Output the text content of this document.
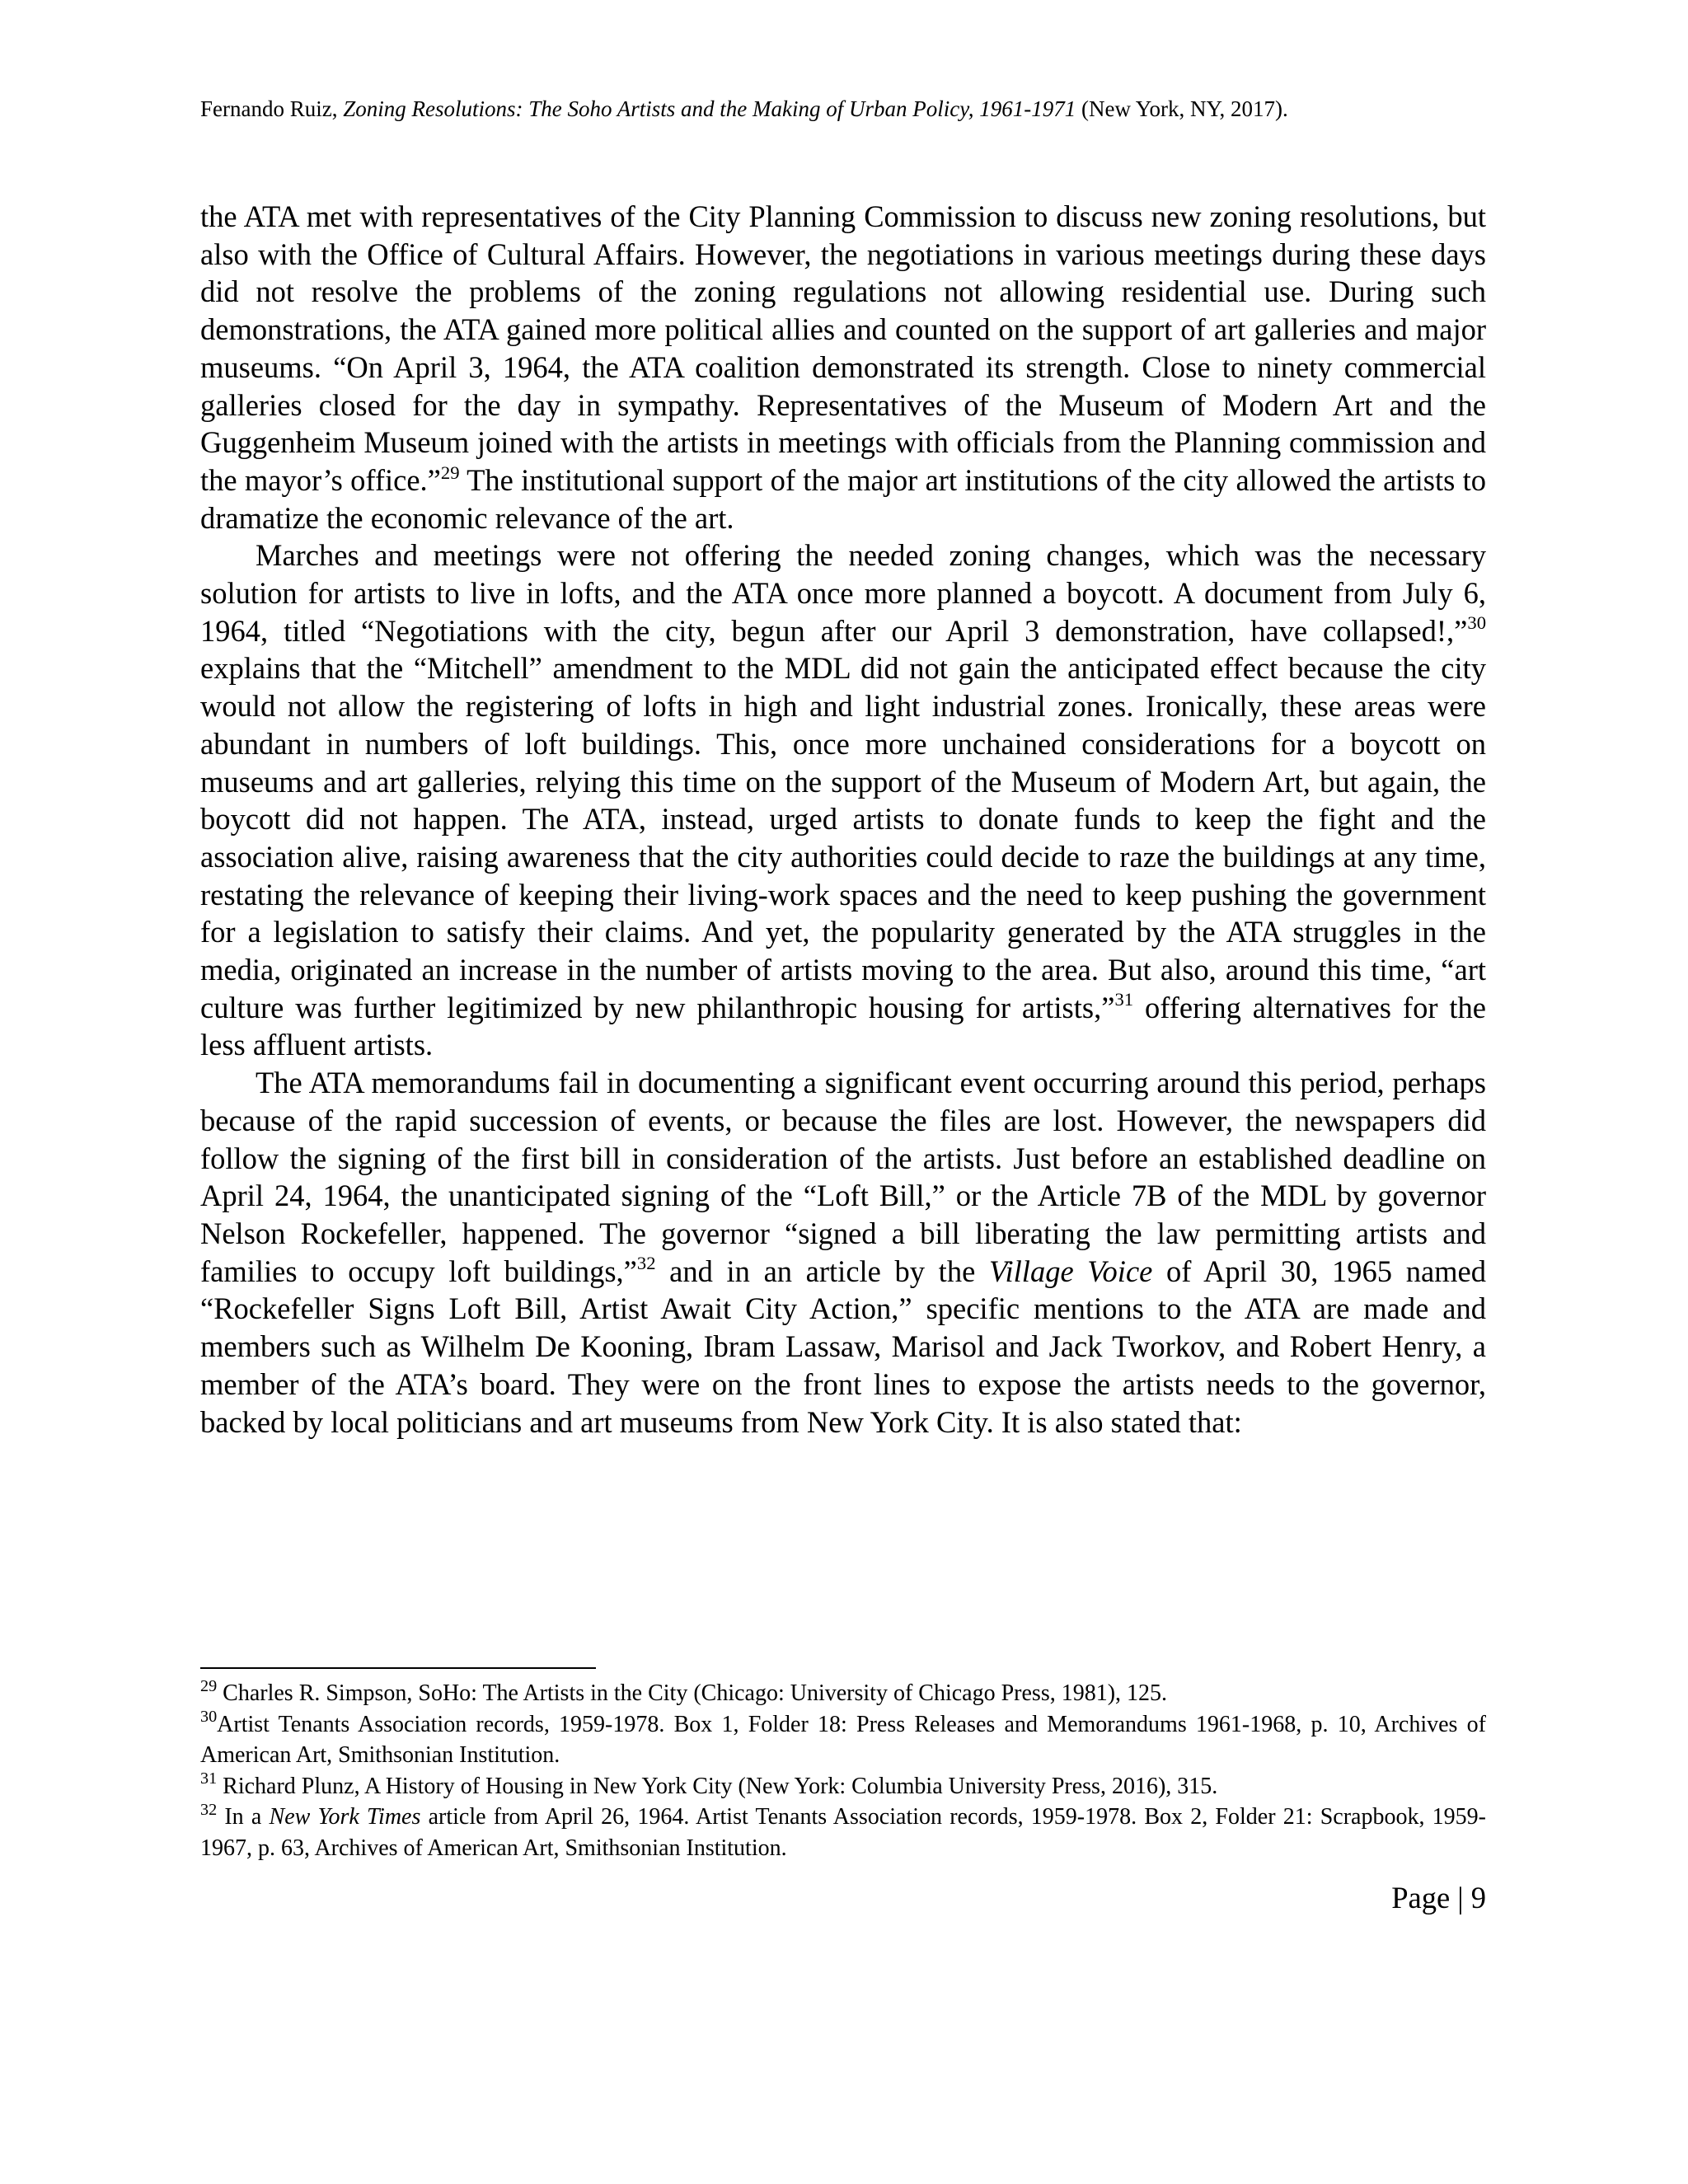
Fernando Ruiz, Zoning Resolutions: The Soho Artists and the Making of Urban Policy, 1961-1971 (New York, NY, 2017).

the ATA met with representatives of the City Planning Commission to discuss new zoning resolutions, but also with the Office of Cultural Affairs. However, the negotiations in various meetings during these days did not resolve the problems of the zoning regulations not allowing residential use. During such demonstrations, the ATA gained more political allies and counted on the support of art galleries and major museums. “On April 3, 1964, the ATA coalition demonstrated its strength. Close to ninety commercial galleries closed for the day in sympathy. Representatives of the Museum of Modern Art and the Guggenheim Museum joined with the artists in meetings with officials from the Planning commission and the mayor’s office.”$^{29}$ The institutional support of the major art institutions of the city allowed the artists to dramatize the economic relevance of the art.

Marches and meetings were not offering the needed zoning changes, which was the necessary solution for artists to live in lofts, and the ATA once more planned a boycott. A document from July 6, 1964, titled “Negotiations with the city, begun after our April 3 demonstration, have collapsed!,”$^{30}$ explains that the “Mitchell” amendment to the MDL did not gain the anticipated effect because the city would not allow the registering of lofts in high and light industrial zones. Ironically, these areas were abundant in numbers of loft buildings. This, once more unchained considerations for a boycott on museums and art galleries, relying this time on the support of the Museum of Modern Art, but again, the boycott did not happen. The ATA, instead, urged artists to donate funds to keep the fight and the association alive, raising awareness that the city authorities could decide to raze the buildings at any time, restating the relevance of keeping their living-work spaces and the need to keep pushing the government for a legislation to satisfy their claims. And yet, the popularity generated by the ATA struggles in the media, originated an increase in the number of artists moving to the area. But also, around this time, “art culture was further legitimized by new philanthropic housing for artists,”$^{31}$ offering alternatives for the less affluent artists.

The ATA memorandums fail in documenting a significant event occurring around this period, perhaps because of the rapid succession of events, or because the files are lost. However, the newspapers did follow the signing of the first bill in consideration of the artists. Just before an established deadline on April 24, 1964, the unanticipated signing of the “Loft Bill,” or the Article 7B of the MDL by governor Nelson Rockefeller, happened. The governor “signed a bill liberating the law permitting artists and families to occupy loft buildings,”$^{32}$ and in an article by the Village Voice of April 30, 1965 named “Rockefeller Signs Loft Bill, Artist Await City Action,” specific mentions to the ATA are made and members such as Wilhelm De Kooning, Ibram Lassaw, Marisol and Jack Tworkov, and Robert Henry, a member of the ATA’s board. They were on the front lines to expose the artists needs to the governor, backed by local politicians and art museums from New York City. It is also stated that:

$^{29}$ Charles R. Simpson, SoHo: The Artists in the City (Chicago: University of Chicago Press, 1981), 125.

$^{30}$Artist Tenants Association records, 1959-1978. Box 1, Folder 18: Press Releases and Memorandums 1961-1968, p. 10, Archives of American Art, Smithsonian Institution.

$^{31}$ Richard Plunz, A History of Housing in New York City (New York: Columbia University Press, 2016), 315.

$^{32}$ In a New York Times article from April 26, 1964. Artist Tenants Association records, 1959-1978. Box 2, Folder 21: Scrapbook, 1959-1967, p. 63, Archives of American Art, Smithsonian Institution.

Page | 9
